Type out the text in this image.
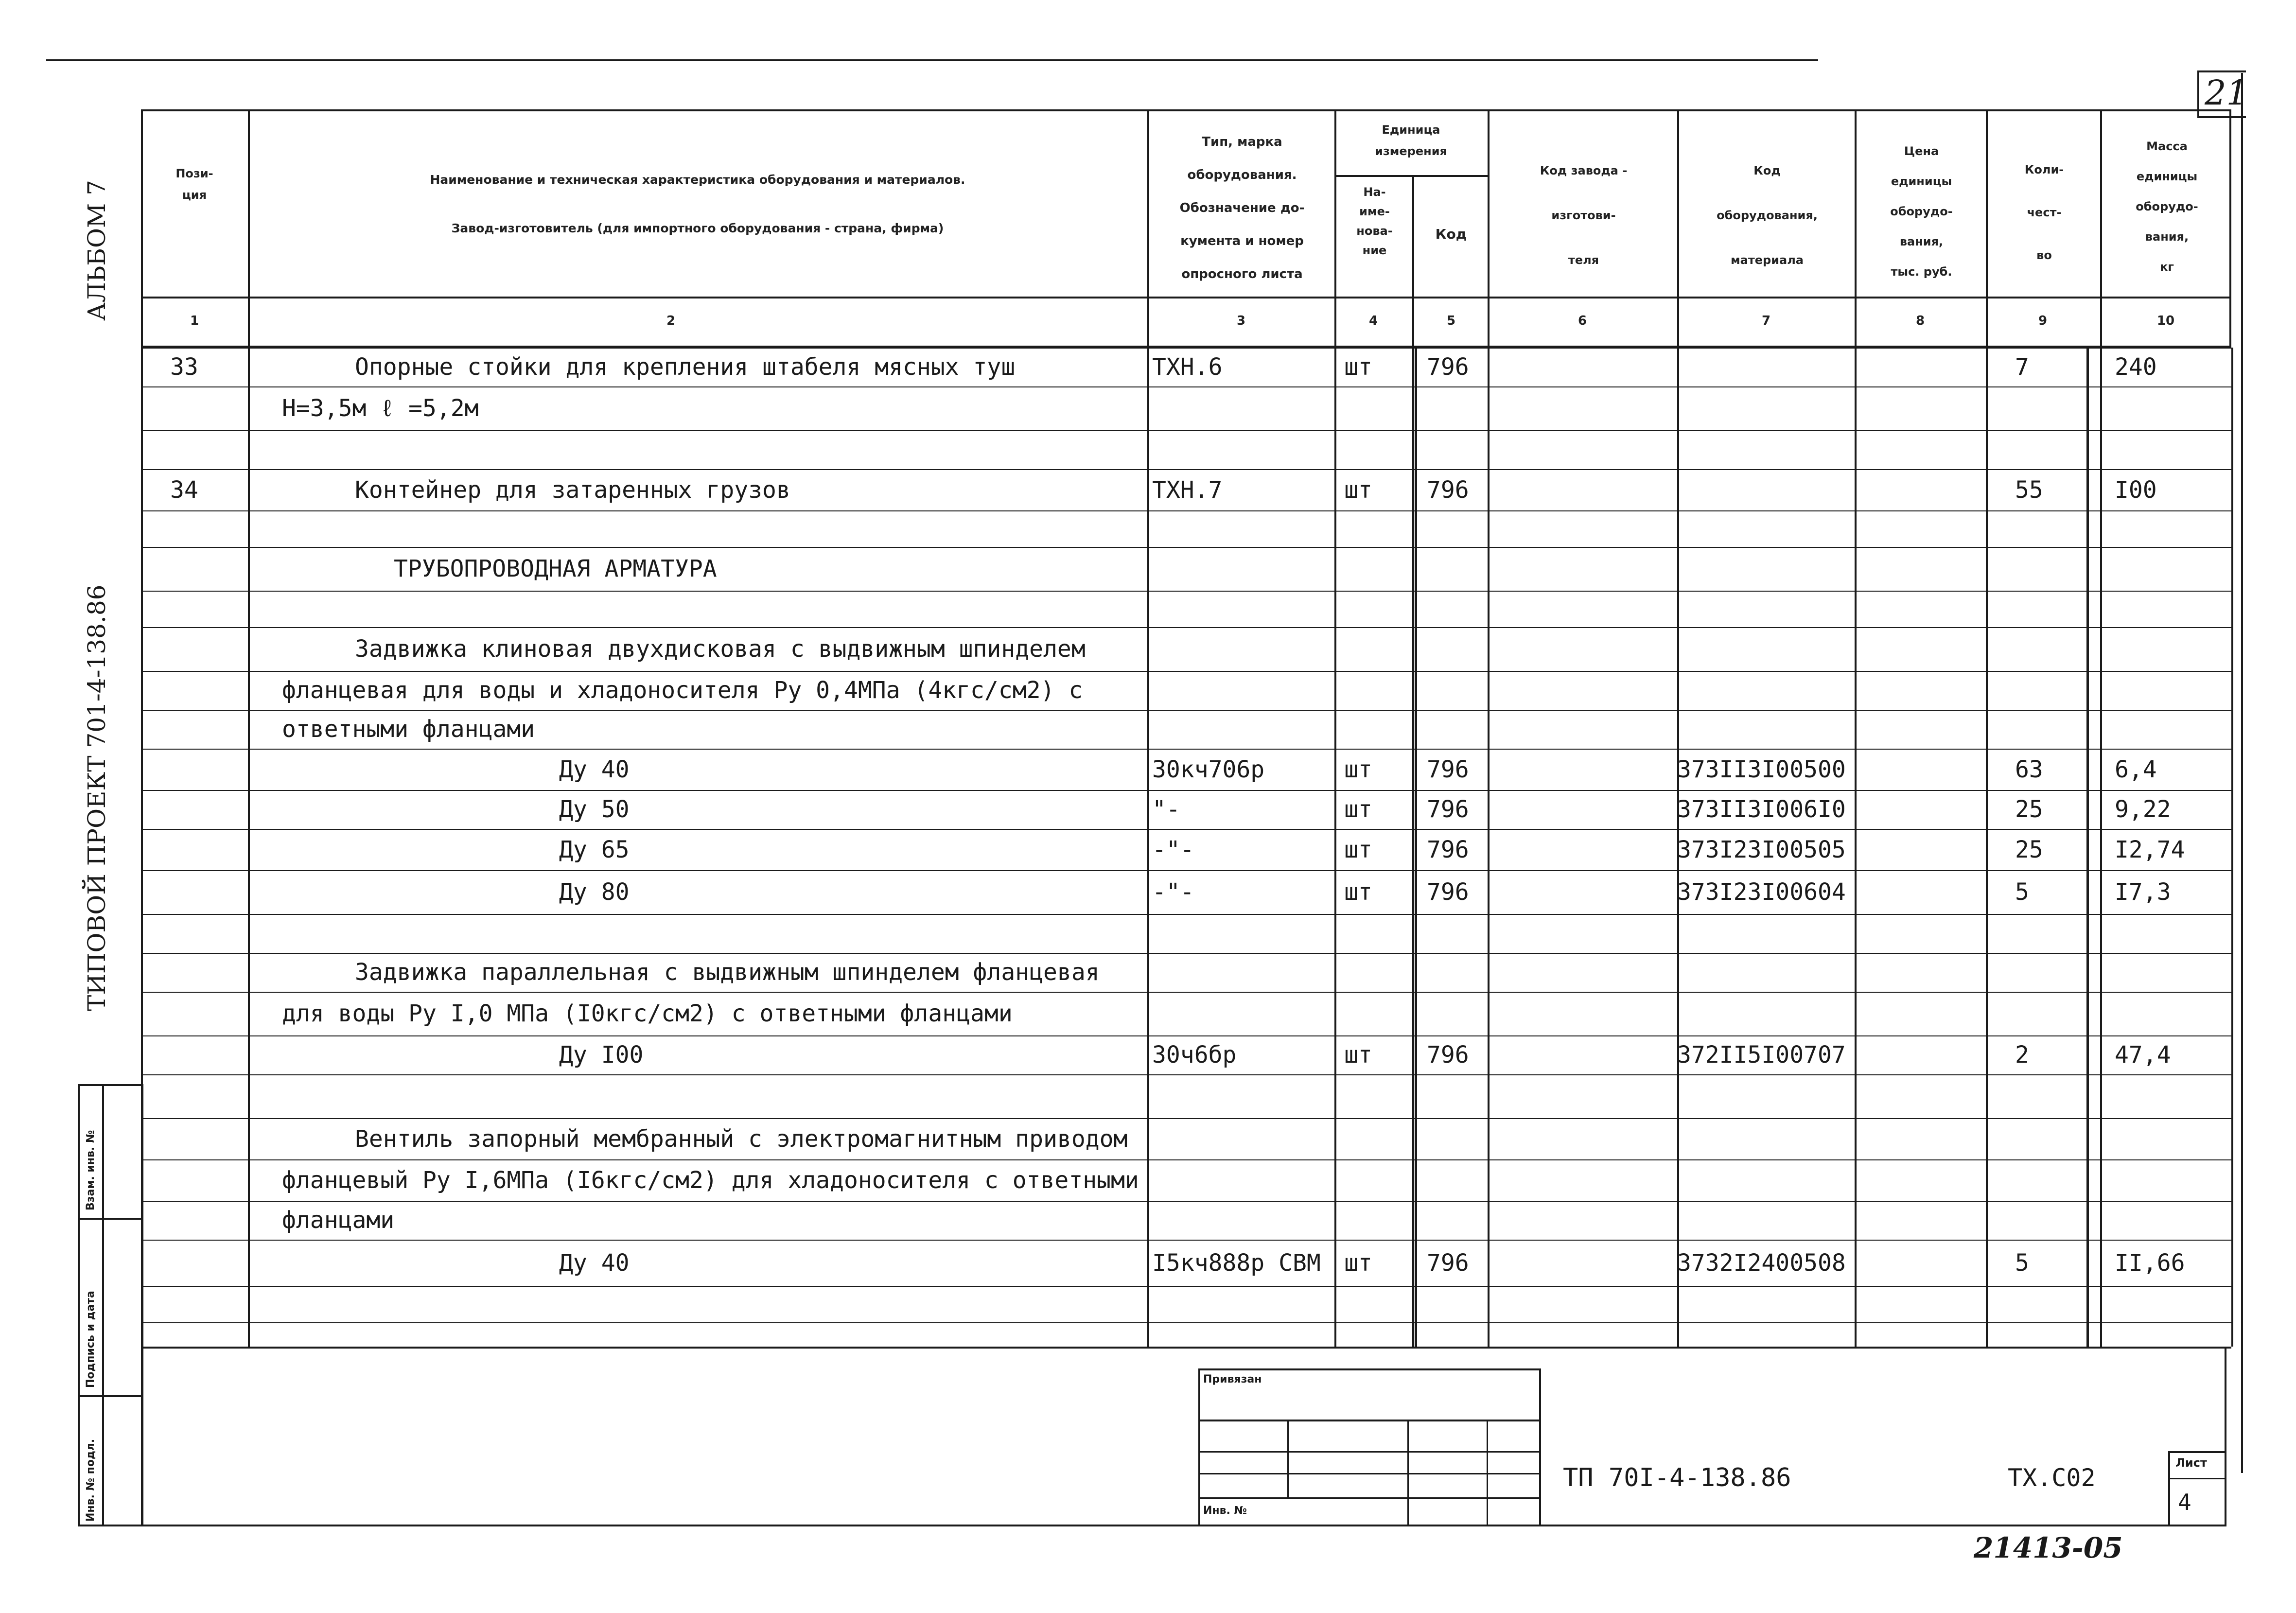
21
АЛЬБОМ 7
ТИПОВОЙ ПРОЕКТ 701-4-138.86
Взам. инв. №
Подпись и дата
Инв. № подл.
Пози-
ция
Наименование и техническая характеристика оборудования и материалов.
Завод-изготовитель (для импортного оборудования - страна, фирма)
Тип, марка
оборудования.
Обозначение до-
кумента и номер
опросного листа
Единица
измерения
На-
име-
нова-
ние
Код
Код завода -
изготови-
теля
Код
оборудования,
материала
Цена
единицы
оборудо-
вания,
тыс. руб.
Коли-
чест-
во
Масса
единицы
оборудо-
вания,
кг
1	2	3	4	5	6	7	8	9	10
33	Опорные стойки для крепления штабеля мясных туш	ТХН.6	шт 796	7	240
Н=3,5м ℓ =5,2м
34	Контейнер для затаренных грузов	ТХН.7	шт 796	55	I00
ТРУБОПРОВОДНАЯ АРМАТУРА
Задвижка клиновая двухдисковая с выдвижным шпинделем
фланцевая для воды и хладоносителя Ру 0,4МПа (4кгс/см2) с
ответными фланцами
Ду 40	30кч706р	шт 796	373II3I00500	63	6,4
Ду 50	"-	шт 796	373II3I006I0	25	9,22
Ду 65	-"-	шт 796	373I23I00505	25	I2,74
Ду 80	-"-	шт 796	373I23I00604	5	I7,3
Задвижка параллельная с выдвижным шпинделем фланцевая
для воды Ру I,0 МПа (I0кгс/см2) с ответными фланцами
Ду I00	30ч6бр	шт 796	372II5I00707	2	47,4
Вентиль запорный мембранный с электромагнитным приводом
фланцевый Ру I,6МПа (I6кгс/см2) для хладоносителя с ответными
фланцами
Ду 40	I5кч888р СВМ шт 796	3732I2400508	5	II,66
Привязан
Инв. №
ТП 70I-4-138.86	ТХ.С02
Лист
4
21413-05
